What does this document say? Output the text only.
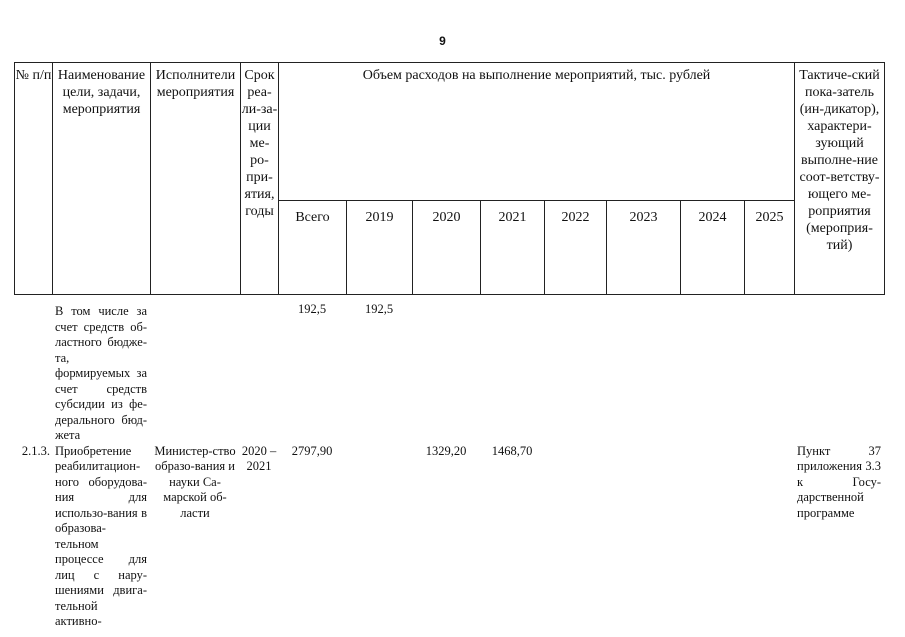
9
№ п/п	Наименование цели, задачи, мероприятия	Исполнители мероприятия	Срок реа-ли-за-ции ме-ро-при-ятия, годы	Объем расходов на выполнение мероприятий, тыс. рублей								Тактиче-ский пока-затель (ин-дикатор), характери-зующий выполне-ние соот-ветству-ющего ме-роприятия (мероприя-тий)
				Всего	2019	2020	2021	2022	2023	2024	2025	
	В том числе за счет средств об-ластного бюдже-та, формируемых за счет средств субсидии из фе-дерального бюд-жета			192,5	192,5							
2.1.3.	Приобретение реабилитацион-ного оборудова-ния для использо-вания в образова-тельном процессе для лиц с нару-шениями двига-тельной активно-	Министер-ство образо-вания и науки Са-марской об-ласти	2020 – 2021	2797,90		1329,20	1468,70					Пункт 37 приложения 3.3 к Госу-дарственной программе
